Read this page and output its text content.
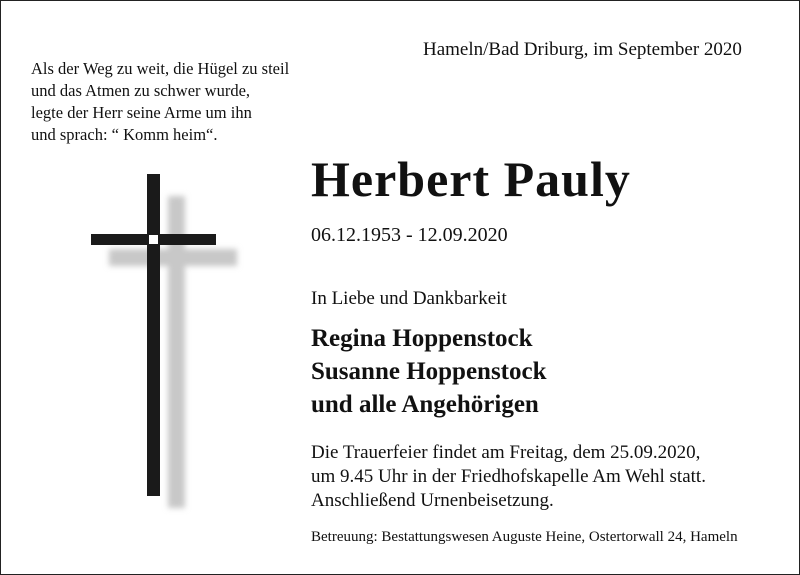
Hameln/Bad Driburg, im September 2020
Als der Weg zu weit, die Hügel zu steil
und das Atmen zu schwer wurde,
legte der Herr seine Arme um ihn
und sprach: “ Komm heim“.
Herbert Pauly
06.12.1953 - 12.09.2020
In Liebe und Dankbarkeit
Regina Hoppenstock
Susanne Hoppenstock
und alle Angehörigen
Die Trauerfeier findet am Freitag, dem 25.09.2020,
um 9.45 Uhr in der Friedhofskapelle Am Wehl statt.
Anschließend Urnenbeisetzung.
Betreuung: Bestattungswesen Auguste Heine, Ostertorwall 24, Hameln
